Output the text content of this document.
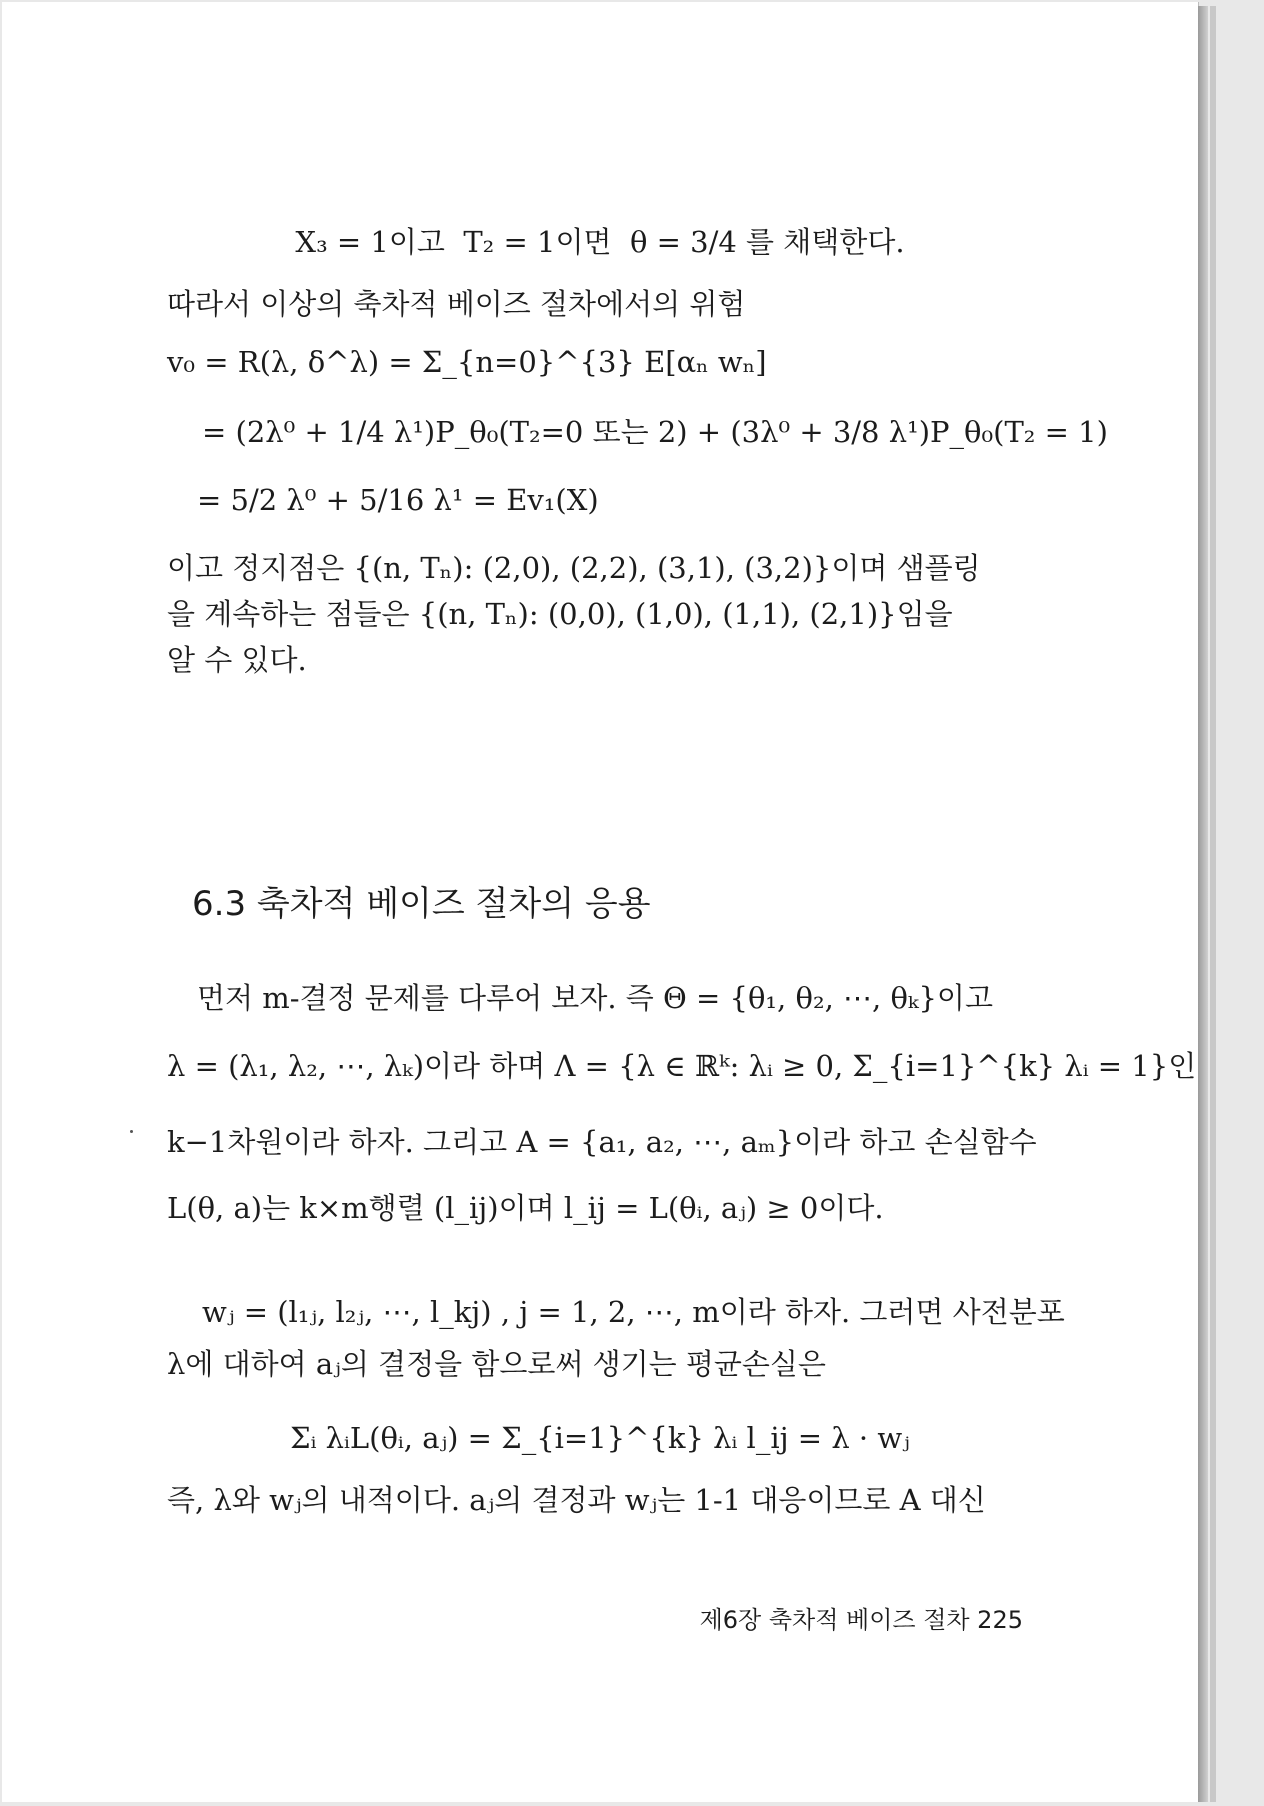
X₃ = 1이고  T₂ = 1이면  θ = 3/4 를 채택한다.
따라서 이상의 축차적 베이즈 절차에서의 위험
v₀ = R(λ, δ^λ) = Σ_{n=0}^{3} E[αₙ wₙ]
= (2λ⁰ + 1/4 λ¹)P_θ₀(T₂=0 또는 2) + (3λ⁰ + 3/8 λ¹)P_θ₀(T₂ = 1)
= 5/2 λ⁰ + 5/16 λ¹ = Ev₁(X)
이고 정지점은 {(n, Tₙ): (2,0), (2,2), (3,1), (3,2)}이며 샘플링
을 계속하는 점들은 {(n, Tₙ): (0,0), (1,0), (1,1), (2,1)}임을
알 수 있다.
6.3 축차적 베이즈 절차의 응용
먼저 m-결정 문제를 다루어 보자. 즉 Θ = {θ₁, θ₂, ⋯, θₖ}이고
λ = (λ₁, λ₂, ⋯, λₖ)이라 하며 Λ = {λ ∈ ℝᵏ: λᵢ ≥ 0, Σ_{i=1}^{k} λᵢ = 1}인
k−1차원이라 하자. 그리고 A = {a₁, a₂, ⋯, aₘ}이라 하고 손실함수
L(θ, a)는 k×m행렬 (l_ij)이며 l_ij = L(θᵢ, aⱼ) ≥ 0이다.
wⱼ = (l₁ⱼ, l₂ⱼ, ⋯, l_kj) , j = 1, 2, ⋯, m이라 하자. 그러면 사전분포
λ에 대하여 aⱼ의 결정을 함으로써 생기는 평균손실은
Σᵢ λᵢL(θᵢ, aⱼ) = Σ_{i=1}^{k} λᵢ l_ij = λ · wⱼ
즉, λ와 wⱼ의 내적이다. aⱼ의 결정과 wⱼ는 1-1 대응이므로 A 대신
제6장 축차적 베이즈 절차 225
